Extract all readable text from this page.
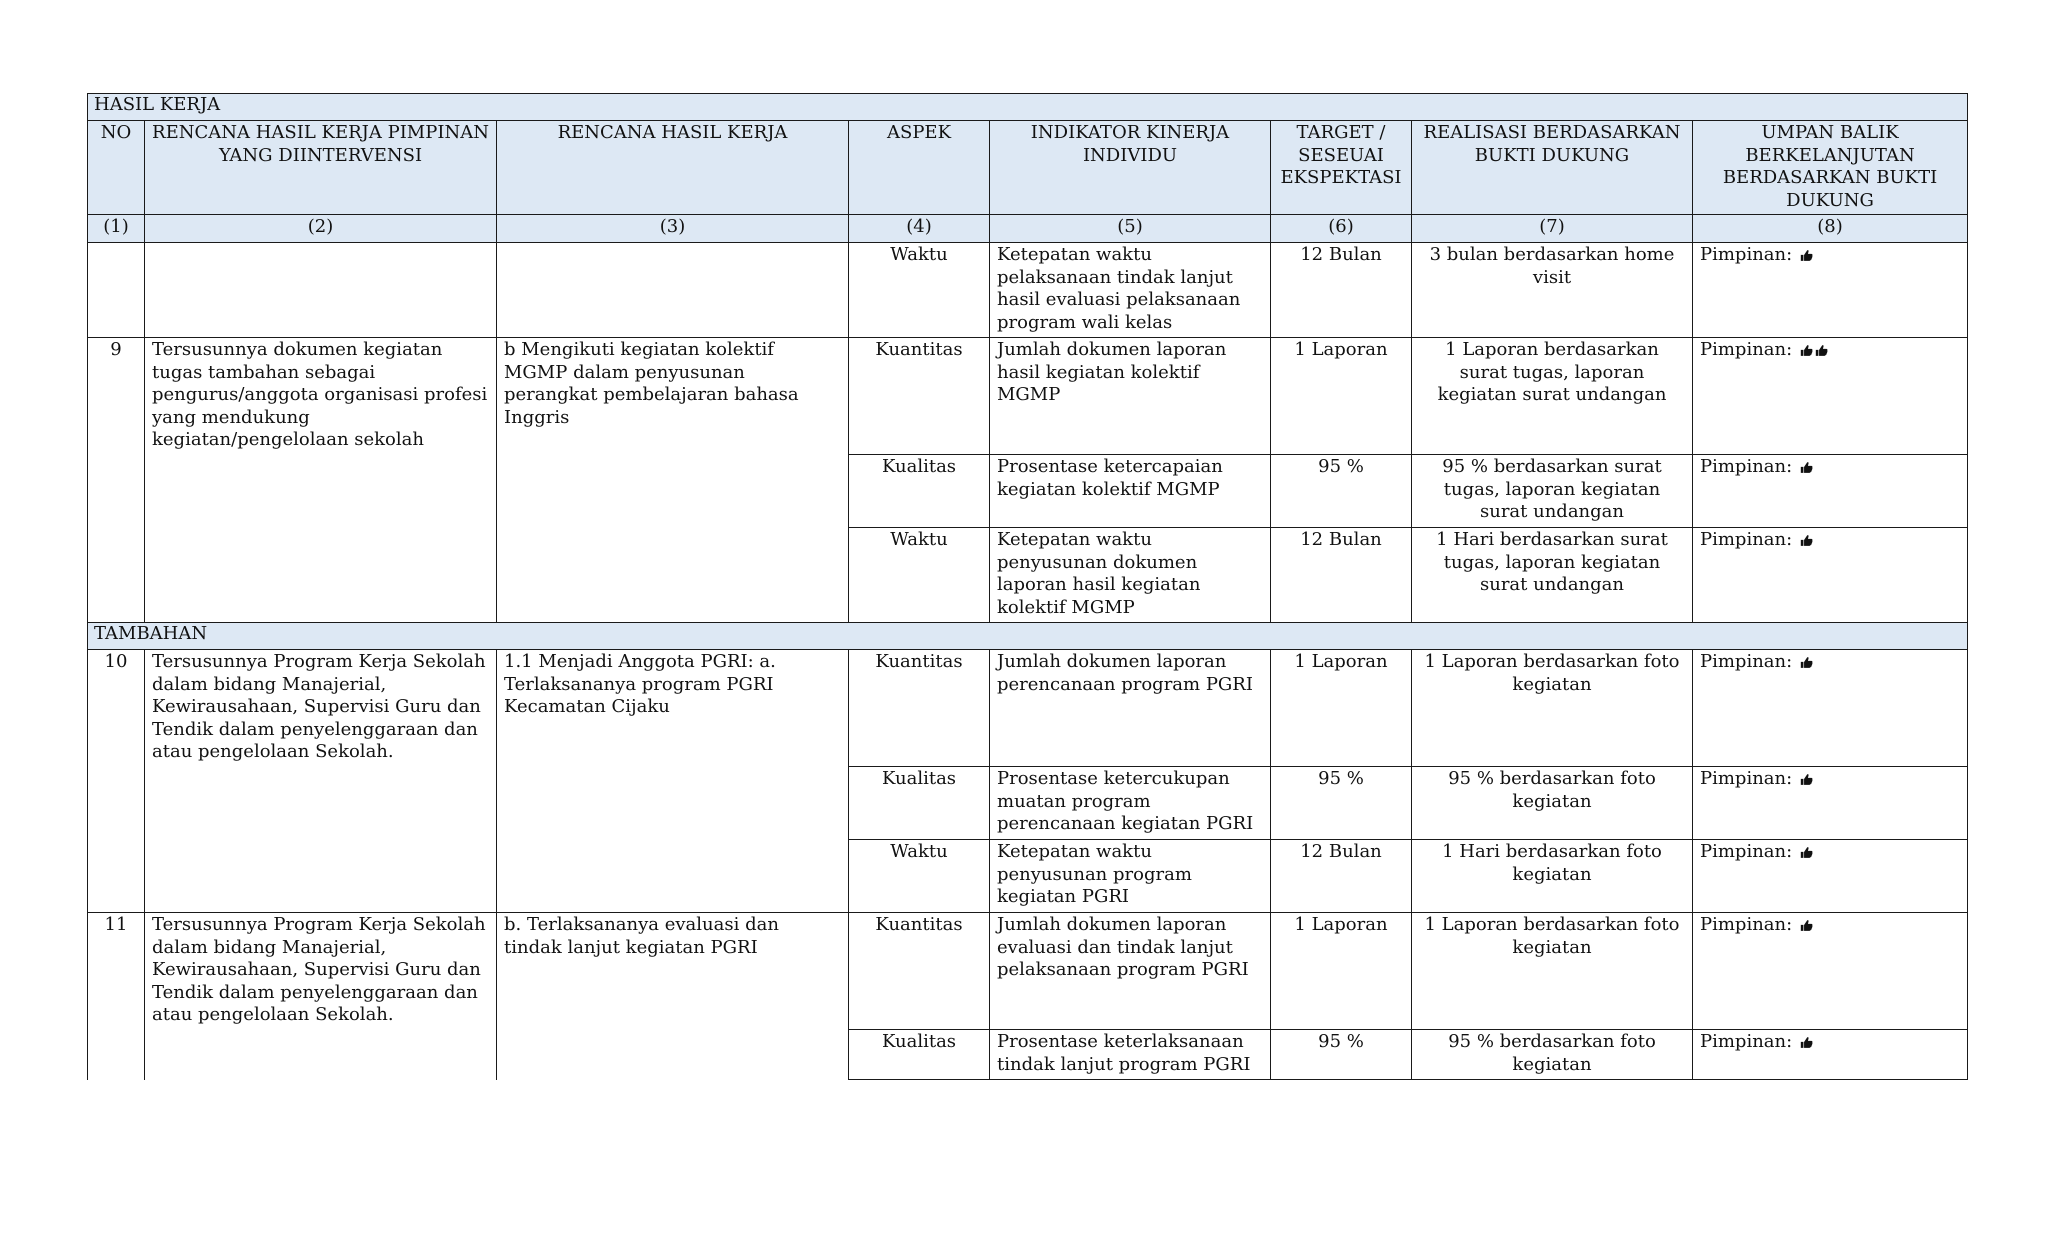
HASIL KERJA							
NO	RENCANA HASIL KERJA PIMPINAN YANG DIINTERVENSI	RENCANA HASIL KERJA	ASPEK	INDIKATOR KINERJA INDIVIDU	TARGET / SESEUAI EKSPEKTASI	REALISASI BERDASARKAN BUKTI DUKUNG	UMPAN BALIK BERKELANJUTAN BERDASARKAN BUKTI DUKUNG
(1)	(2)	(3)	(4)	(5)	(6)	(7)	(8)
			Waktu	Ketepatan waktu pelaksanaan tindak lanjut hasil evaluasi pelaksanaan program wali kelas	12 Bulan	3 bulan berdasarkan home visit	Pimpinan:
9	Tersusunnya dokumen kegiatan tugas tambahan sebagai pengurus/anggota organisasi profesi yang mendukung kegiatan/pengelolaan sekolah	b Mengikuti kegiatan kolektif MGMP dalam penyusunan perangkat pembelajaran bahasa Inggris	Kuantitas	Jumlah dokumen laporan hasil kegiatan kolektif MGMP	1 Laporan	1 Laporan berdasarkan surat tugas, laporan kegiatan surat undangan	Pimpinan:
			Kualitas	Prosentase ketercapaian kegiatan kolektif MGMP	95 %	95 % berdasarkan surat tugas, laporan kegiatan surat undangan	Pimpinan:
			Waktu	Ketepatan waktu penyusunan dokumen laporan hasil kegiatan kolektif MGMP	12 Bulan	1 Hari berdasarkan surat tugas, laporan kegiatan surat undangan	Pimpinan:
TAMBAHAN							
10	Tersusunnya Program Kerja Sekolah dalam bidang Manajerial, Kewirausahaan, Supervisi Guru dan Tendik dalam penyelenggaraan dan atau pengelolaan Sekolah.	1.1 Menjadi Anggota PGRI: a. Terlaksananya program PGRI Kecamatan Cijaku	Kuantitas	Jumlah dokumen laporan perencanaan program PGRI	1 Laporan	1 Laporan berdasarkan foto kegiatan	Pimpinan:
			Kualitas	Prosentase ketercukupan muatan program perencanaan kegiatan PGRI	95 %	95 % berdasarkan foto kegiatan	Pimpinan:
			Waktu	Ketepatan waktu penyusunan program kegiatan PGRI	12 Bulan	1 Hari berdasarkan foto kegiatan	Pimpinan:
11	Tersusunnya Program Kerja Sekolah dalam bidang Manajerial, Kewirausahaan, Supervisi Guru dan Tendik dalam penyelenggaraan dan atau pengelolaan Sekolah.	b. Terlaksananya evaluasi dan tindak lanjut kegiatan PGRI	Kuantitas	Jumlah dokumen laporan evaluasi dan tindak lanjut pelaksanaan program PGRI	1 Laporan	1 Laporan berdasarkan foto kegiatan	Pimpinan:
			Kualitas	Prosentase keterlaksanaan tindak lanjut program PGRI	95 %	95 % berdasarkan foto kegiatan	Pimpinan:
